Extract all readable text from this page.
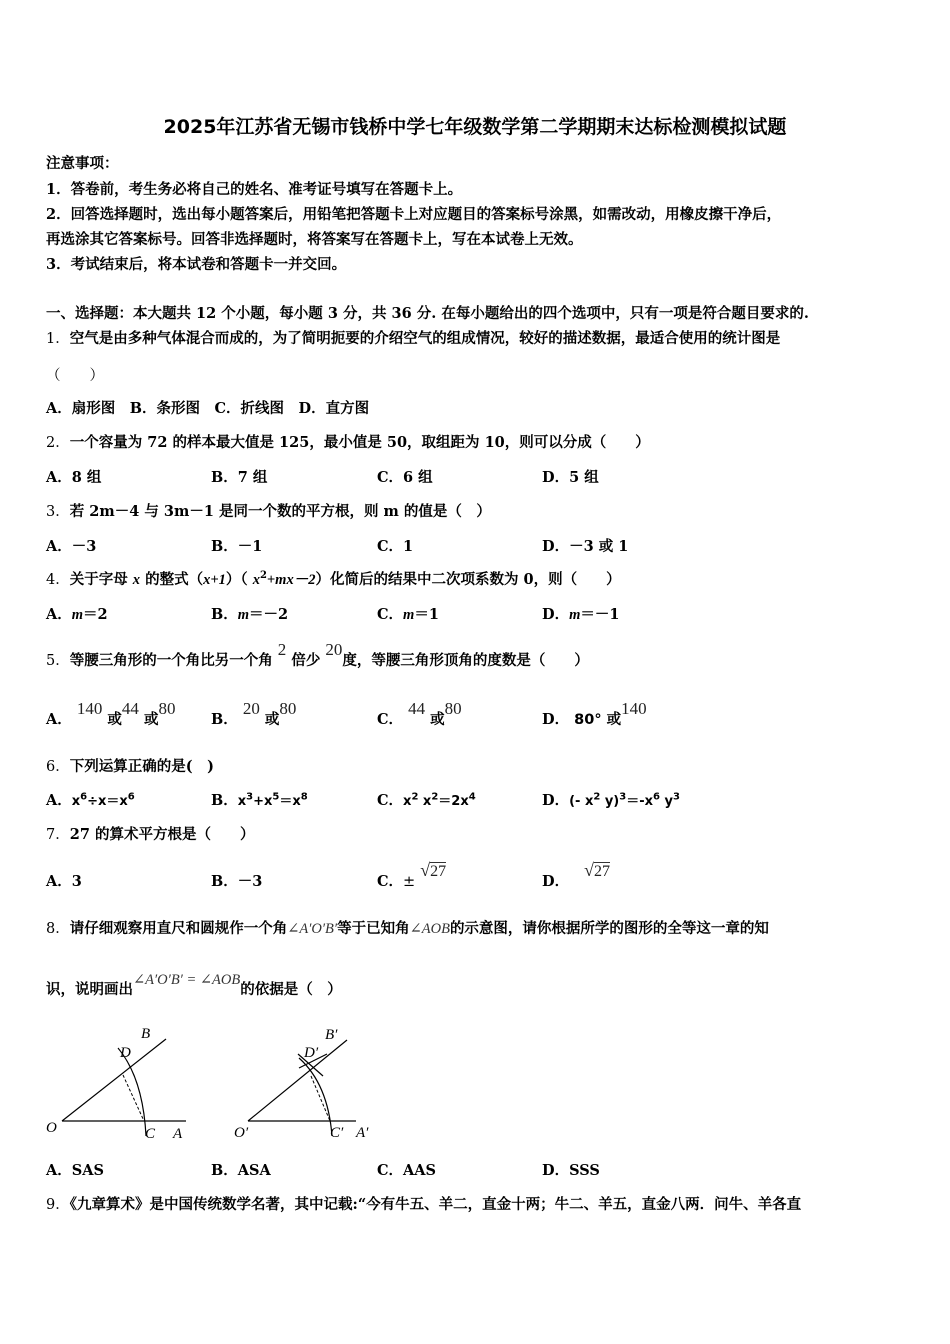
2025年江苏省无锡市钱桥中学七年级数学第二学期期末达标检测模拟试题
注意事项：
1．答卷前，考生务必将自己的姓名、准考证号填写在答题卡上。
2．回答选择题时，选出每小题答案后，用铅笔把答题卡上对应题目的答案标号涂黑，如需改动，用橡皮擦干净后，
再选涂其它答案标号。回答非选择题时，将答案写在答题卡上，写在本试卷上无效。
3．考试结束后，将本试卷和答题卡一并交回。
一、选择题：本大题共 12 个小题，每小题 3 分，共 36 分. 在每小题给出的四个选项中，只有一项是符合题目要求的.
1．空气是由多种气体混合而成的，为了简明扼要的介绍空气的组成情况，较好的描述数据，最适合使用的统计图是
（　　）
A．扇形图　B．条形图　C．折线图　D．直方图
2．一个容量为 72 的样本最大值是 125，最小值是 50，取组距为 10，则可以分成（　　）
A．8 组	B．7 组	C．6 组	D．5 组
3．若 2m－4 与 3m－1 是同一个数的平方根，则 m 的值是（　）
A．－3	B．－1	C．1	D．－3 或 1
4．关于字母 x 的整式（x+1）（ $x^2+mx-2$）化简后的结果中二次项系数为 0，则（　　）
A．m＝2	B．m＝－2	C．m＝1	D．m＝－1
5．等腰三角形的一个角比另一个角 2 倍少 20度，等腰三角形顶角的度数是（　　）
A． 140 或44 或80
B． 20 或80
C． 44 或80
D． 80° 或140
6．下列运算正确的是(　)
A．$x^6\div x=x^6$	B．$x^3+x^5=x^8$	C．$x^2$ $x^2=2x^4$	D．(- $x^2$ $y)^3=-x^6$ $y^3$
7．27 的算术平方根是（　　）
A．3	B．－3	C．± √27
D． √27
8．请仔细观察用直尺和圆规作一个角∠A′O′B′等于已知角∠AOB的示意图，请你根据所学的图形的全等这一章的知
识，说明画出∠A′O′B′ = ∠AOB的依据是（　）
O	C A
D
B
O′	C′ A′
D′
B′
A．SAS	B．ASA	C．AAS	D．SSS
9．《九章算术》是中国传统数学名著，其中记载:“今有牛五、羊二，直金十两；牛二、羊五，直金八两．问牛、羊各直
